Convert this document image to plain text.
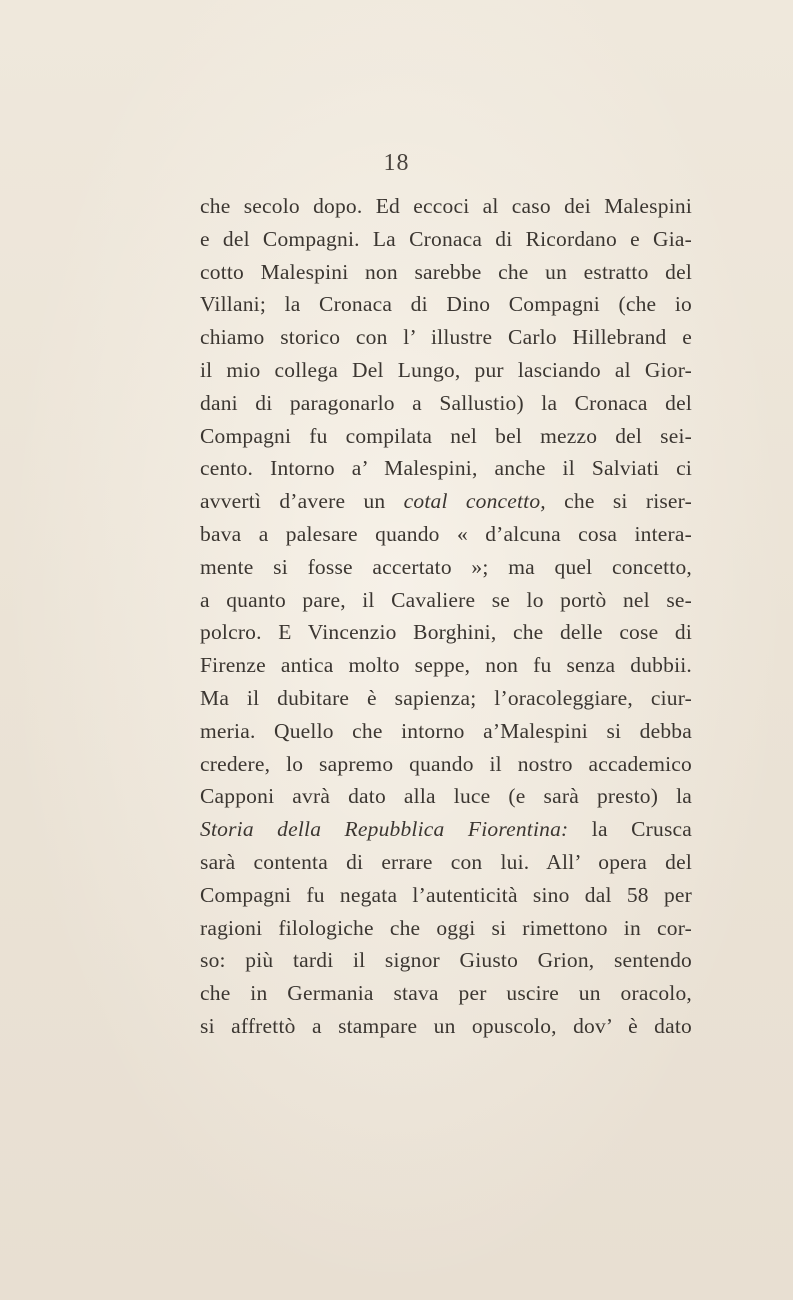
18
che secolo dopo. Ed eccoci al caso dei Malespini
e del Compagni. La Cronaca di Ricordano e Gia-
cotto Malespini non sarebbe che un estratto del
Villani; la Cronaca di Dino Compagni (che io
chiamo storico con l’ illustre Carlo Hillebrand e
il mio collega Del Lungo, pur lasciando al Gior-
dani di paragonarlo a Sallustio) la Cronaca del
Compagni fu compilata nel bel mezzo del sei-
cento. Intorno a’ Malespini, anche il Salviati ci
avvertì d’avere un cotal concetto, che si riser-
bava a palesare quando « d’alcuna cosa intera-
mente si fosse accertato »; ma quel concetto,
a quanto pare, il Cavaliere se lo portò nel se-
polcro. E Vincenzio Borghini, che delle cose di
Firenze antica molto seppe, non fu senza dubbii.
Ma il dubitare è sapienza; l’oracoleggiare, ciur-
meria. Quello che intorno a’Malespini si debba
credere, lo sapremo quando il nostro accademico
Capponi avrà dato alla luce (e sarà presto) la
Storia della Repubblica Fiorentina: la Crusca
sarà contenta di errare con lui. All’ opera del
Compagni fu negata l’autenticità sino dal 58 per
ragioni filologiche che oggi si rimettono in cor-
so: più tardi il signor Giusto Grion, sentendo
che in Germania stava per uscire un oracolo,
si affrettò a stampare un opuscolo, dov’ è dato
